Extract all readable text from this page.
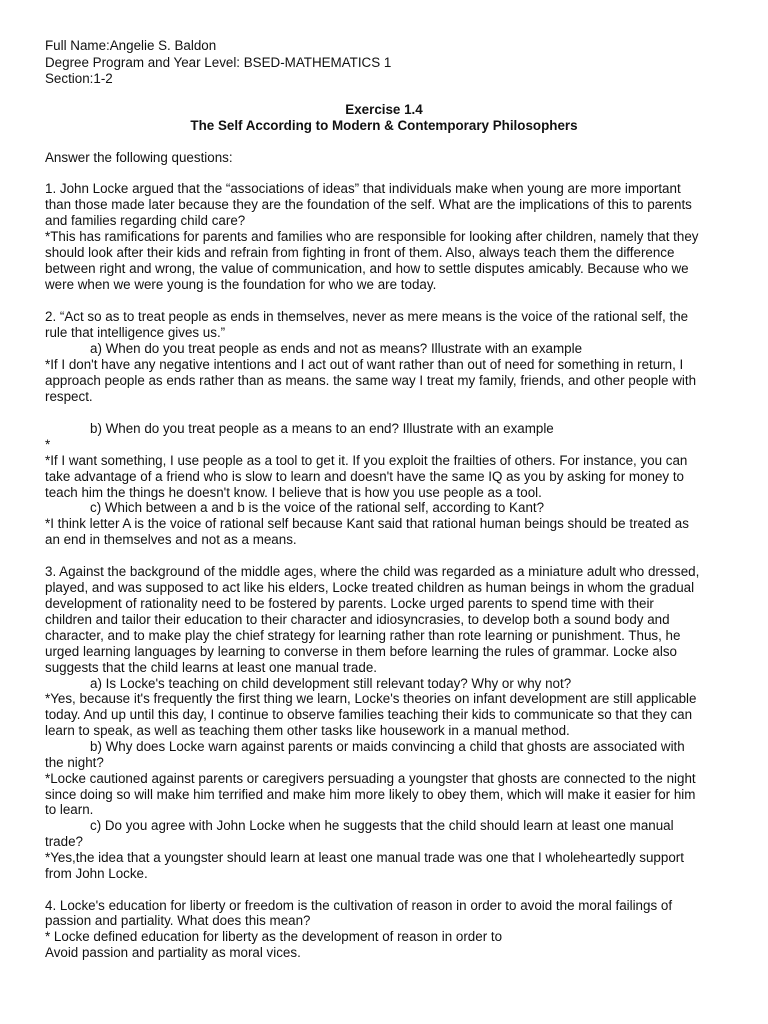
Full Name:Angelie S. Baldon
Degree Program and Year Level: BSED-MATHEMATICS 1
Section:1-2
Exercise 1.4
The Self According to Modern & Contemporary Philosophers
Answer the following questions:
1. John Locke argued that the “associations of ideas” that individuals make when young are more important
than those made later because they are the foundation of the self. What are the implications of this to parents
and families regarding child care?
*This has ramifications for parents and families who are responsible for looking after children, namely that they
should look after their kids and refrain from fighting in front of them. Also, always teach them the difference
between right and wrong, the value of communication, and how to settle disputes amicably. Because who we
were when we were young is the foundation for who we are today.
2. “Act so as to treat people as ends in themselves, never as mere means is the voice of the rational self, the
rule that intelligence gives us.”
a) When do you treat people as ends and not as means? Illustrate with an example
*If I don't have any negative intentions and I act out of want rather than out of need for something in return, I
approach people as ends rather than as means. the same way I treat my family, friends, and other people with
respect.
b) When do you treat people as a means to an end? Illustrate with an example
*
*If I want something, I use people as a tool to get it. If you exploit the frailties of others. For instance, you can
take advantage of a friend who is slow to learn and doesn't have the same IQ as you by asking for money to
teach him the things he doesn't know. I believe that is how you use people as a tool.
c) Which between a and b is the voice of the rational self, according to Kant?
*I think letter A is the voice of rational self because Kant said that rational human beings should be treated as
an end in themselves and not as a means.
3. Against the background of the middle ages, where the child was regarded as a miniature adult who dressed,
played, and was supposed to act like his elders, Locke treated children as human beings in whom the gradual
development of rationality need to be fostered by parents. Locke urged parents to spend time with their
children and tailor their education to their character and idiosyncrasies, to develop both a sound body and
character, and to make play the chief strategy for learning rather than rote learning or punishment. Thus, he
urged learning languages by learning to converse in them before learning the rules of grammar. Locke also
suggests that the child learns at least one manual trade.
a) Is Locke's teaching on child development still relevant today? Why or why not?
*Yes, because it's frequently the first thing we learn, Locke's theories on infant development are still applicable
today. And up until this day, I continue to observe families teaching their kids to communicate so that they can
learn to speak, as well as teaching them other tasks like housework in a manual method.
b) Why does Locke warn against parents or maids convincing a child that ghosts are associated with
the night?
*Locke cautioned against parents or caregivers persuading a youngster that ghosts are connected to the night
since doing so will make him terrified and make him more likely to obey them, which will make it easier for him
to learn.
c) Do you agree with John Locke when he suggests that the child should learn at least one manual
trade?
*Yes,the idea that a youngster should learn at least one manual trade was one that I wholeheartedly support
from John Locke.
4. Locke's education for liberty or freedom is the cultivation of reason in order to avoid the moral failings of
passion and partiality. What does this mean?
* Locke defined education for liberty as the development of reason in order to
Avoid passion and partiality as moral vices.
